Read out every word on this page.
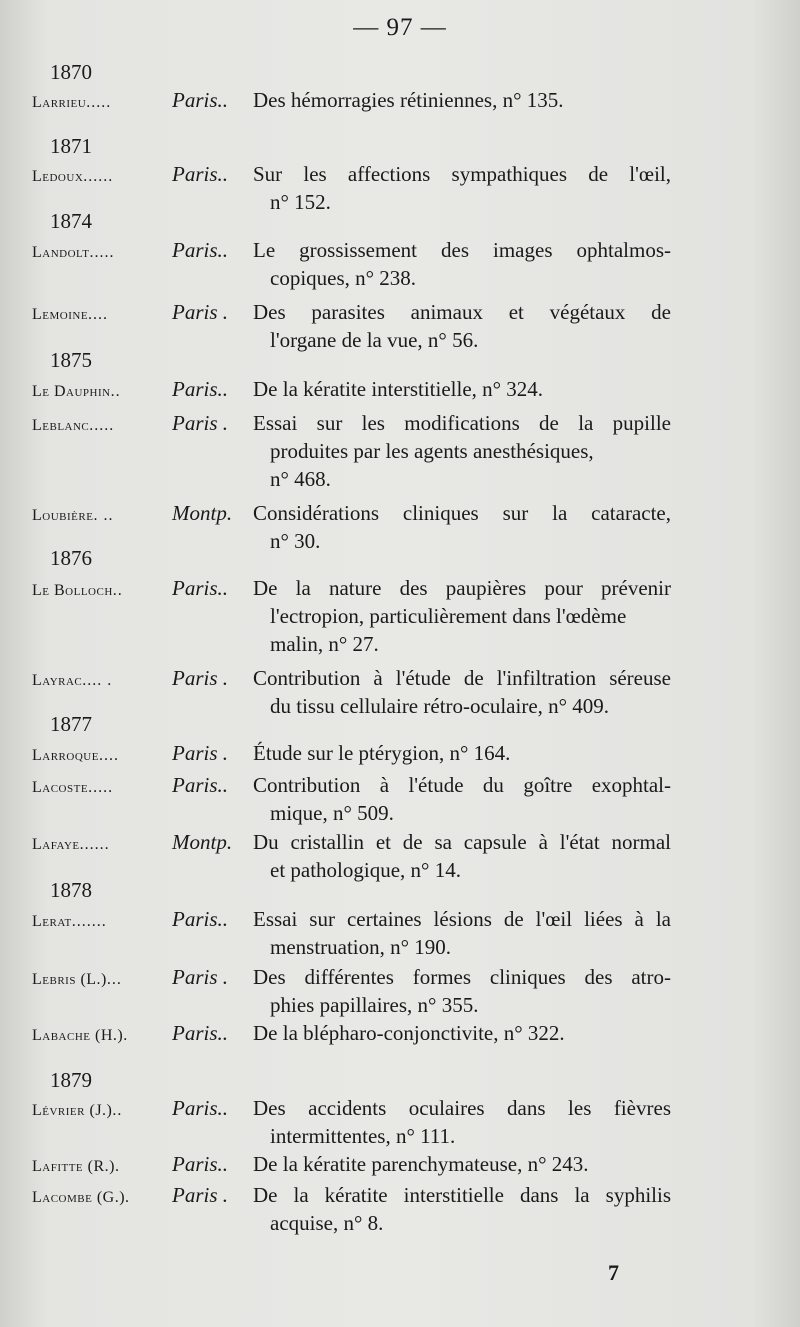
— 97 —
1870
Larrieu.....	Paris.. Des hémorragies rétiniennes, n° 135.
1871
Ledoux......	Paris.. Sur les affections sympathiques de l'œil,
n° 152.
1874
Landolt.....	Paris.. Le grossissement des images ophtalmos-
copiques, n° 238.
Lemoine....	Paris . Des parasites animaux et végétaux de
l'organe de la vue, n° 56.
1875
Le Dauphin.. Paris.. De la kératite interstitielle, n° 324.
Leblanc.....	Paris . Essai sur les modifications de la pupille
produites par les agents anesthésiques,
n° 468.
Loubière. ..	Montp. Considérations cliniques sur la cataracte,
n° 30.
1876
Le Bolloch.. Paris.. De la nature des paupières pour prévenir
l'ectropion, particulièrement dans l'œdème
malin, n° 27.
Layrac.... .	Paris . Contribution à l'étude de l'infiltration séreuse
du tissu cellulaire rétro-oculaire, n° 409.
1877
Larroque....	Paris . Étude sur le ptérygion, n° 164.
Lacoste.....	Paris.. Contribution à l'étude du goître exophtal-
mique, n° 509.
Lafaye......	Montp. Du cristallin et de sa capsule à l'état normal
et pathologique, n° 14.
1878
Lerat.......	Paris.. Essai sur certaines lésions de l'œil liées à la
menstruation, n° 190.
Lebris (L.)... Paris . Des différentes formes cliniques des atro-
phies papillaires, n° 355.
Labache (H.). Paris.. De la blépharo-conjonctivite, n° 322.
1879
Lévrier (J.).. Paris.. Des accidents oculaires dans les fièvres
intermittentes, n° 111.
Lafitte (R.).	Paris.. De la kératite parenchymateuse, n° 243.
Lacombe (G.). Paris . De la kératite interstitielle dans la syphilis
acquise, n° 8.
7
